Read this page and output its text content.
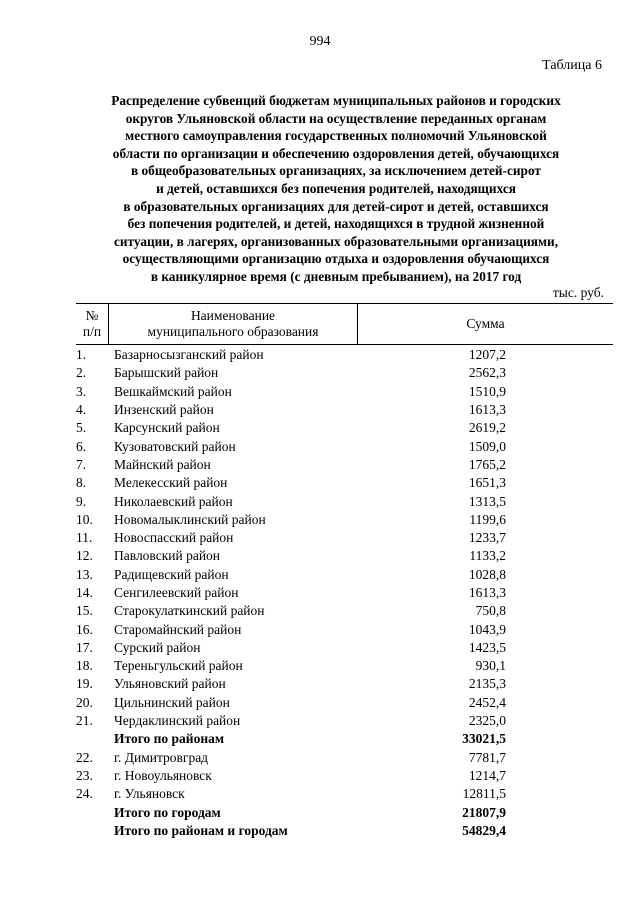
994
Таблица 6
Распределение субвенций бюджетам муниципальных районов и городских
округов Ульяновской области на осуществление переданных органам
местного самоуправления государственных полномочий Ульяновской
области по организации и обеспечению оздоровления детей, обучающихся
в общеобразовательных организациях, за исключением детей-сирот
и детей, оставшихся без попечения родителей, находящихся
в образовательных организациях для детей-сирот и детей, оставшихся
без попечения родителей, и детей, находящихся в трудной жизненной
ситуации, в лагерях, организованных образовательными организациями,
осуществляющими организацию отдыха и оздоровления обучающихся
в каникулярное время (с дневным пребыванием), на 2017 год
тыс. руб.
№
п/п
Наименование
муниципального образования
Сумма
1.	Базарносызганский район	1207,2
2.	Барышский район	2562,3
3.	Вешкаймский район	1510,9
4.	Инзенский район	1613,3
5.	Карсунский район	2619,2
6.	Кузоватовский район	1509,0
7.	Майнский район	1765,2
8.	Мелекесский район	1651,3
9.	Николаевский район	1313,5
10.	Новомалыклинский район	1199,6
11.	Новоспасский район	1233,7
12.	Павловский район	1133,2
13.	Радищевский район	1028,8
14.	Сенгилеевский район	1613,3
15.	Старокулаткинский район	750,8
16.	Старомайнский район	1043,9
17.	Сурский район	1423,5
18.	Тереньгульский район	930,1
19.	Ульяновский район	2135,3
20.	Цильнинский район	2452,4
21.	Чердаклинский район	2325,0
Итого по районам	33021,5
22.	г. Димитровград	7781,7
23.	г. Новоульяновск	1214,7
24.	г. Ульяновск	12811,5
Итого по городам	21807,9
Итого по районам и городам	54829,4
